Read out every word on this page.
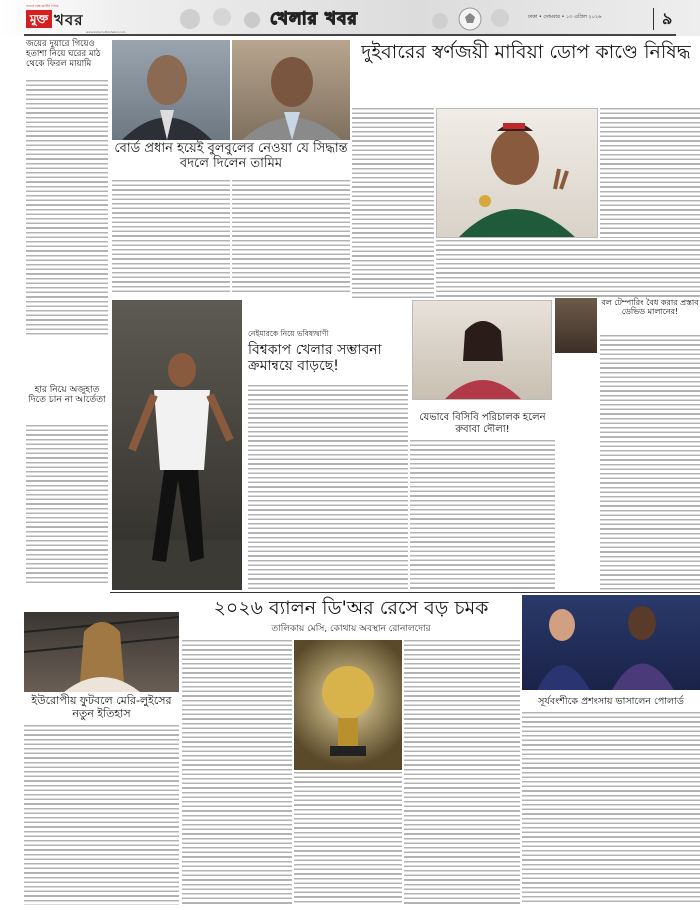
সত্যের পক্ষে জাতীয় দৈনিক
মুক্ত খবর
www.dailymuktokhabor.com
খেলার খবর	ঢাকা • সোমবার • ১৩ এপ্রিল ২০২৬	৯
জয়ের দুয়ারে গিয়েও হতাশা নিয়ে ঘরের মাঠ থেকে ফিরল মায়ামি
বোর্ড প্রধান হয়েই বুলবুলের নেওয়া যে সিদ্ধান্ত বদলে দিলেন তামিম
দুইবারের স্বর্ণজয়ী মাবিয়া ডোপ কাণ্ডে নিষিদ্ধ
হার নিয়ে অজুহাত দিতে চান না আর্তেতা
নেইমারকে নিয়ে ভবিষ্যদ্বাণী
বিশ্বকাপ খেলার সম্ভাবনা ক্রমান্বয়ে বাড়ছে!
যেভাবে বিসিবি পরিচালক হলেন রুবাবা দৌলা!
বল টেম্পারিং বৈধ করার প্রস্তাব ডেভিড মালানের!
২০২৬ ব্যালন ডি'অর রেসে বড় চমক
তালিকায় মেসি, কোথায় অবস্থান রোনালদোর
ইউরোপীয় ফুটবলে মেরি-লুইসের নতুন ইতিহাস
সূর্যবংশীকে প্রশংসায় ভাসালেন পোলার্ড
